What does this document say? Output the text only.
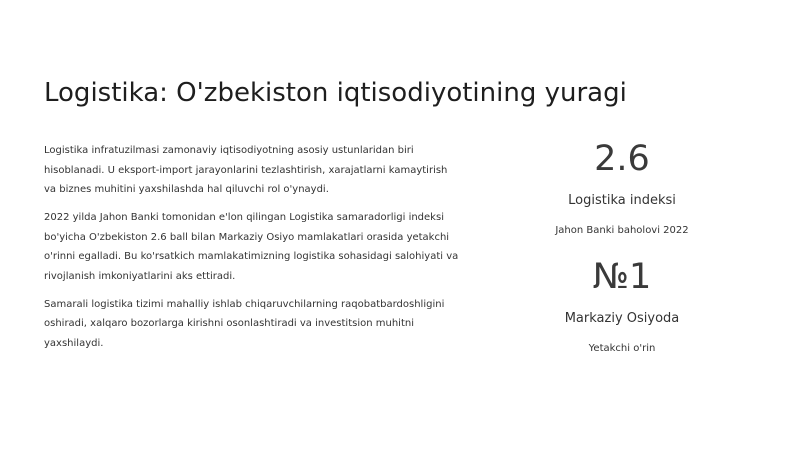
Logistika: O'zbekiston iqtisodiyotining yuragi

Logistika infratuzilmasi zamonaviy iqtisodiyotning asosiy ustunlaridan biri hisoblanadi. U eksport-import jarayonlarini tezlashtirish, xarajatlarni kamaytirish va biznes muhitini yaxshilashda hal qiluvchi rol o'ynaydi.

2022 yilda Jahon Banki tomonidan e'lon qilingan Logistika samaradorligi indeksi bo'yicha O'zbekiston 2.6 ball bilan Markaziy Osiyo mamlakatlari orasida yetakchi o'rinni egalladi. Bu ko'rsatkich mamlakatimizning logistika sohasidagi salohiyati va rivojlanish imkoniyatlarini aks ettiradi.

Samarali logistika tizimi mahalliy ishlab chiqaruvchilarning raqobatbardoshligini oshiradi, xalqaro bozorlarga kirishni osonlashtiradi va investitsion muhitni yaxshilaydi.

2.6
Logistika indeksi
Jahon Banki baholovi 2022
№1
Markaziy Osiyoda
Yetakchi o'rin
